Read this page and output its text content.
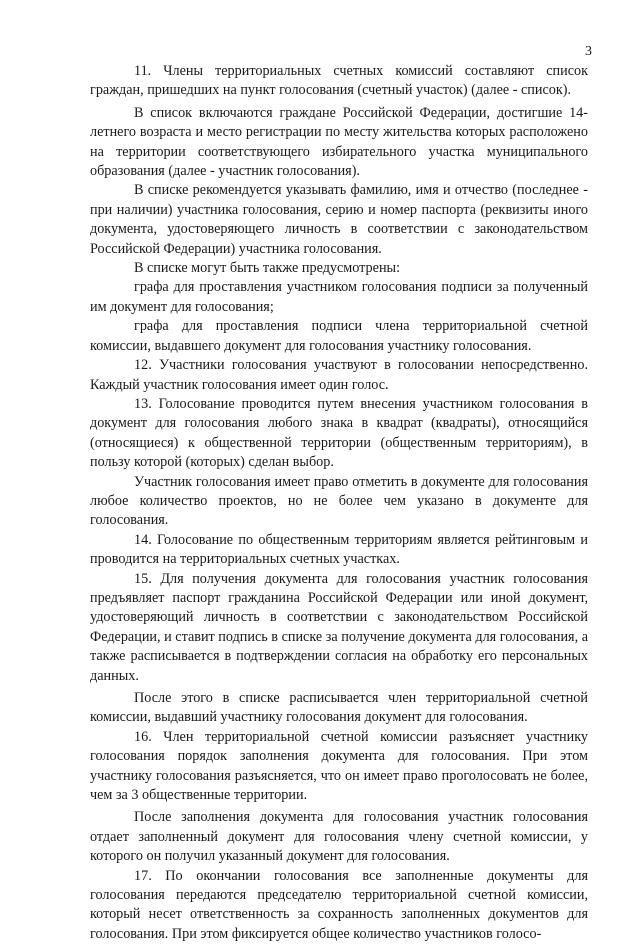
3

11. Члены территориальных счетных комиссий составляют список граждан, пришедших на пункт голосования (счетный участок) (далее - список).

В список включаются граждане Российской Федерации, достигшие 14-летнего возраста и место регистрации по месту жительства которых расположено на территории соответствующего избирательного участка муниципального образования (далее - участник голосования).

В списке рекомендуется указывать фамилию, имя и отчество (последнее - при наличии) участника голосования, серию и номер паспорта (реквизиты иного документа, удостоверяющего личность в соответствии с законодательством Российской Федерации) участника голосования.

В списке могут быть также предусмотрены:

графа для проставления участником голосования подписи за полученный им документ для голосования;

графа для проставления подписи члена территориальной счетной комиссии, выдавшего документ для голосования участнику голосования.

12. Участники голосования участвуют в голосовании непосредственно. Каждый участник голосования имеет один голос.

13. Голосование проводится путем внесения участником голосования в документ для голосования любого знака в квадрат (квадраты), относящийся (относящиеся) к общественной территории (общественным территориям), в пользу которой (которых) сделан выбор.

Участник голосования имеет право отметить в документе для голосования любое количество проектов, но не более чем указано в документе для голосования.

14. Голосование по общественным территориям является рейтинговым и проводится на территориальных счетных участках.

15. Для получения документа для голосования участник голосования предъявляет паспорт гражданина Российской Федерации или иной документ, удостоверяющий личность в соответствии с законодательством Российской Федерации, и ставит подпись в списке за получение документа для голосования, а также расписывается в подтверждении согласия на обработку его персональных данных.

После этого в списке расписывается член территориальной счетной комиссии, выдавший участнику голосования документ для голосования.

16. Член территориальной счетной комиссии разъясняет участнику голосования порядок заполнения документа для голосования. При этом участнику голосования разъясняется, что он имеет право проголосовать не более, чем за 3 общественные территории.

После заполнения документа для голосования участник голосования отдает заполненный документ для голосования члену счетной комиссии, у которого он получил указанный документ для голосования.

17. По окончании голосования все заполненные документы для голосования передаются председателю территориальной счетной комиссии, который несет ответственность за сохранность заполненных документов для голосования. При этом фиксируется общее количество участников голосо-
